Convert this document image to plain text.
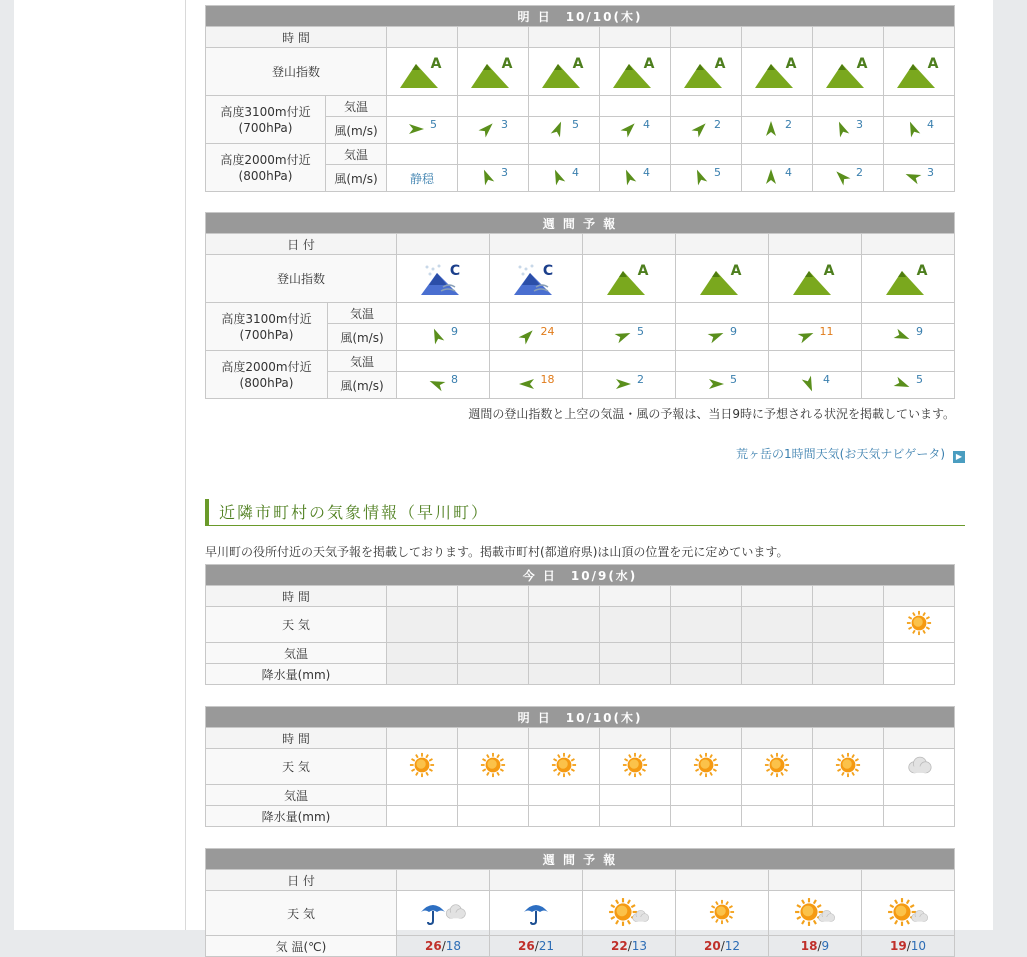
明 日　10/10(木)									
時 間									
登山指数		A	A	A	A	A	A	A	A

高度3100m付近
(700hPa)	気温								
	風(m/s)	5	3	5	4	2	2	3	4

高度2000m付近
(800hPa)	気温								
	風(m/s)	静穏	3	4	4	5	4	2	3
週 間 予 報							
日 付							
登山指数		C	C	A	A	A	A

高度3100m付近
(700hPa)	気温						
	風(m/s)	9	24	5	9	11	9

高度2000m付近
(800hPa)	気温						
	風(m/s)	8	18	2	5	4	5
週間の登山指数と上空の気温・風の予報は、当日9時に予想される状況を掲載しています。
荒ヶ岳の1時間天気(お天気ナビゲータ) ▶
近隣市町村の気象情報（早川町）
早川町の役所付近の天気予報を掲載しております。掲載市町村(都道府県)は山頂の位置を元に定めています。
今 日　10/9(水)								
時 間								
天 気								

気温								
降水量(mm)								
明 日　10/10(木)								
時 間								
天 気	

気温								
降水量(mm)								
週 間 予 報						
日 付						
天 気	

気 温(℃)	26/18	26/21	22/13	20/12	18/9	19/10
